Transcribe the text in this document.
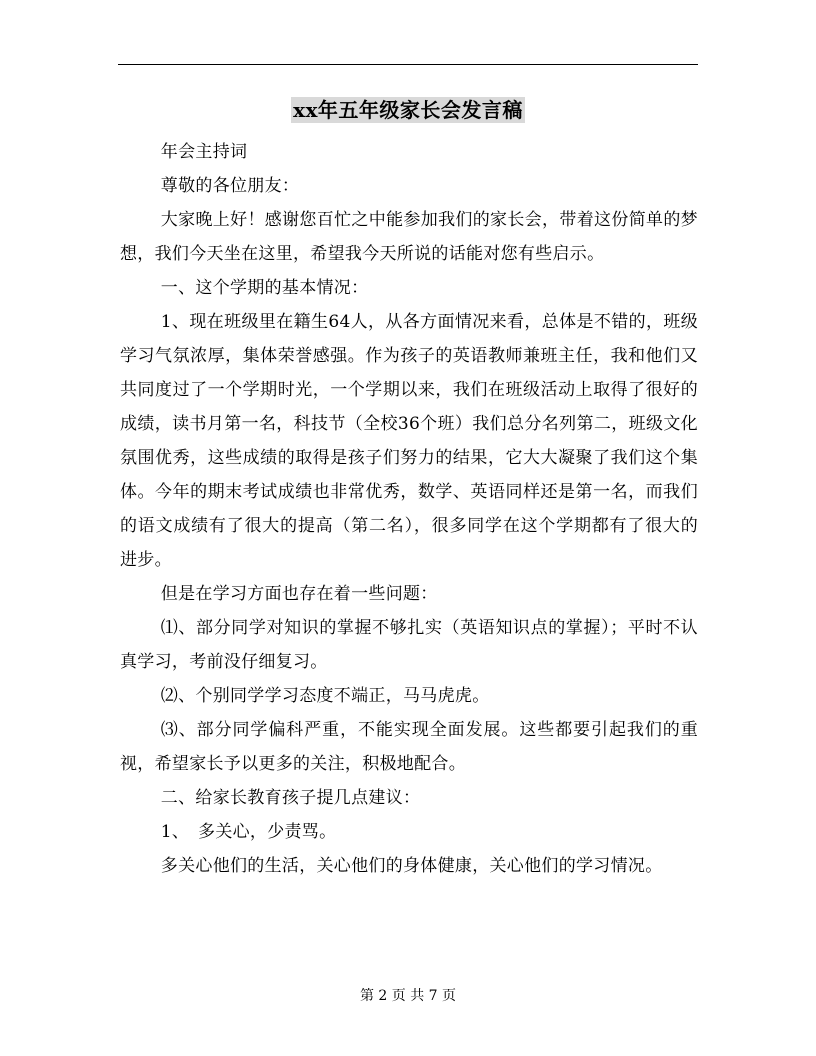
xx年五年级家长会发言稿

年会主持词

尊敬的各位朋友：

大家晚上好！感谢您百忙之中能参加我们的家长会，带着这份简单的梦想，我们今天坐在这里，希望我今天所说的话能对您有些启示。

一、这个学期的基本情况：

1、现在班级里在籍生64人，从各方面情况来看，总体是不错的，班级学习气氛浓厚，集体荣誉感强。作为孩子的英语教师兼班主任，我和他们又共同度过了一个学期时光，一个学期以来，我们在班级活动上取得了很好的成绩，读书月第一名，科技节（全校36个班）我们总分名列第二，班级文化氛围优秀，这些成绩的取得是孩子们努力的结果，它大大凝聚了我们这个集体。今年的期末考试成绩也非常优秀，数学、英语同样还是第一名，而我们的语文成绩有了很大的提高（第二名），很多同学在这个学期都有了很大的进步。

但是在学习方面也存在着一些问题：

⑴、部分同学对知识的掌握不够扎实（英语知识点的掌握）；平时不认真学习，考前没仔细复习。

⑵、个别同学学习态度不端正，马马虎虎。

⑶、部分同学偏科严重，不能实现全面发展。这些都要引起我们的重视，希望家长予以更多的关注，积极地配合。

二、给家长教育孩子提几点建议：

1、　多关心，少责骂。

多关心他们的生活，关心他们的身体健康，关心他们的学习情况。

第 2 页 共 7 页
